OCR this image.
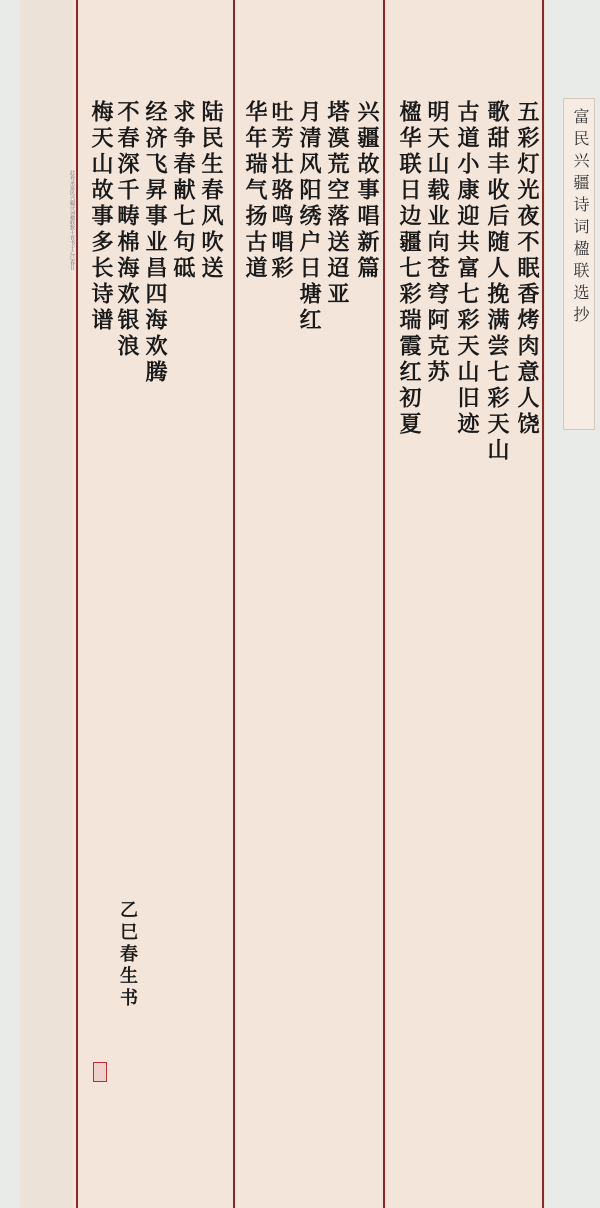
富民兴疆诗词楹联选抄
此卷录富民兴疆诗词楹联数十首书于乙巳春日	五彩灯光夜不眠香烤肉意人饶
歌甜丰收后随人挽满尝七彩天山
古道小康迎共富七彩天山旧迹
明天山载业向苍穹阿克苏
楹华联日边疆七彩瑞霞红初夏
兴疆故事唱新篇
塔漠荒空落送迢亚
月清风阳绣户日塘红
吐芳壮骆鸣唱彩
华年瑞气扬古道
陆民生春风吹送
求争春献七句砥
经济飞昇事业昌四海欢腾
不春深千畴棉海欢银浪
梅天山故事多长诗谱
乙巳春生书
